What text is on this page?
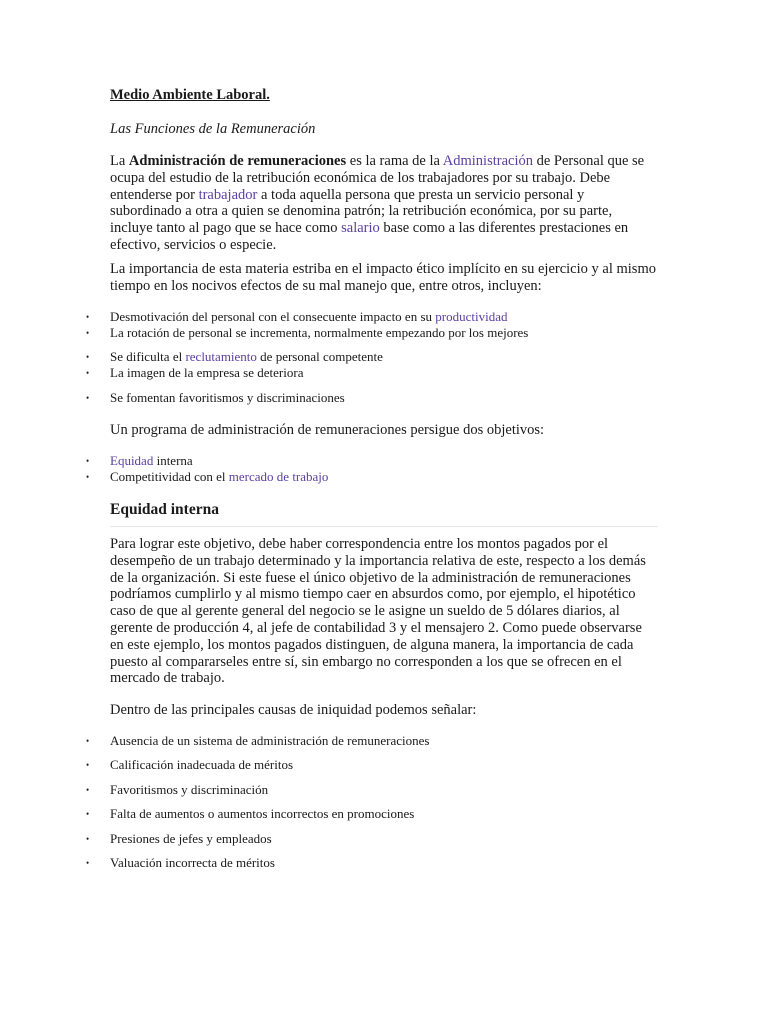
Medio Ambiente Laboral.

Las Funciones de la Remuneración

La Administración de remuneraciones es la rama de la Administración de Personal que se ocupa del estudio de la retribución económica de los trabajadores por su trabajo. Debe entenderse por trabajador a toda aquella persona que presta un servicio personal y subordinado a otra a quien se denomina patrón; la retribución económica, por su parte, incluye tanto al pago que se hace como salario base como a las diferentes prestaciones en efectivo, servicios o especie.

La importancia de esta materia estriba en el impacto ético implícito en su ejercicio y al mismo tiempo en los nocivos efectos de su mal manejo que, entre otros, incluyen:

• Desmotivación del personal con el consecuente impacto en su productividad
• La rotación de personal se incrementa, normalmente empezando por los mejores
• Se dificulta el reclutamiento de personal competente
• La imagen de la empresa se deteriora
• Se fomentan favoritismos y discriminaciones

Un programa de administración de remuneraciones persigue dos objetivos:

• Equidad interna
• Competitividad con el mercado de trabajo
Equidad interna

Para lograr este objetivo, debe haber correspondencia entre los montos pagados por el desempeño de un trabajo determinado y la importancia relativa de este, respecto a los demás de la organización. Si este fuese el único objetivo de la administración de remuneraciones podríamos cumplirlo y al mismo tiempo caer en absurdos como, por ejemplo, el hipotético caso de que al gerente general del negocio se le asigne un sueldo de 5 dólares diarios, al gerente de producción 4, al jefe de contabilidad 3 y el mensajero 2. Como puede observarse en este ejemplo, los montos pagados distinguen, de alguna manera, la importancia de cada puesto al compararseles entre sí, sin embargo no corresponden a los que se ofrecen en el mercado de trabajo.

Dentro de las principales causas de iniquidad podemos señalar:

• Ausencia de un sistema de administración de remuneraciones
• Calificación inadecuada de méritos
• Favoritismos y discriminación
• Falta de aumentos o aumentos incorrectos en promociones
• Presiones de jefes y empleados
• Valuación incorrecta de méritos
